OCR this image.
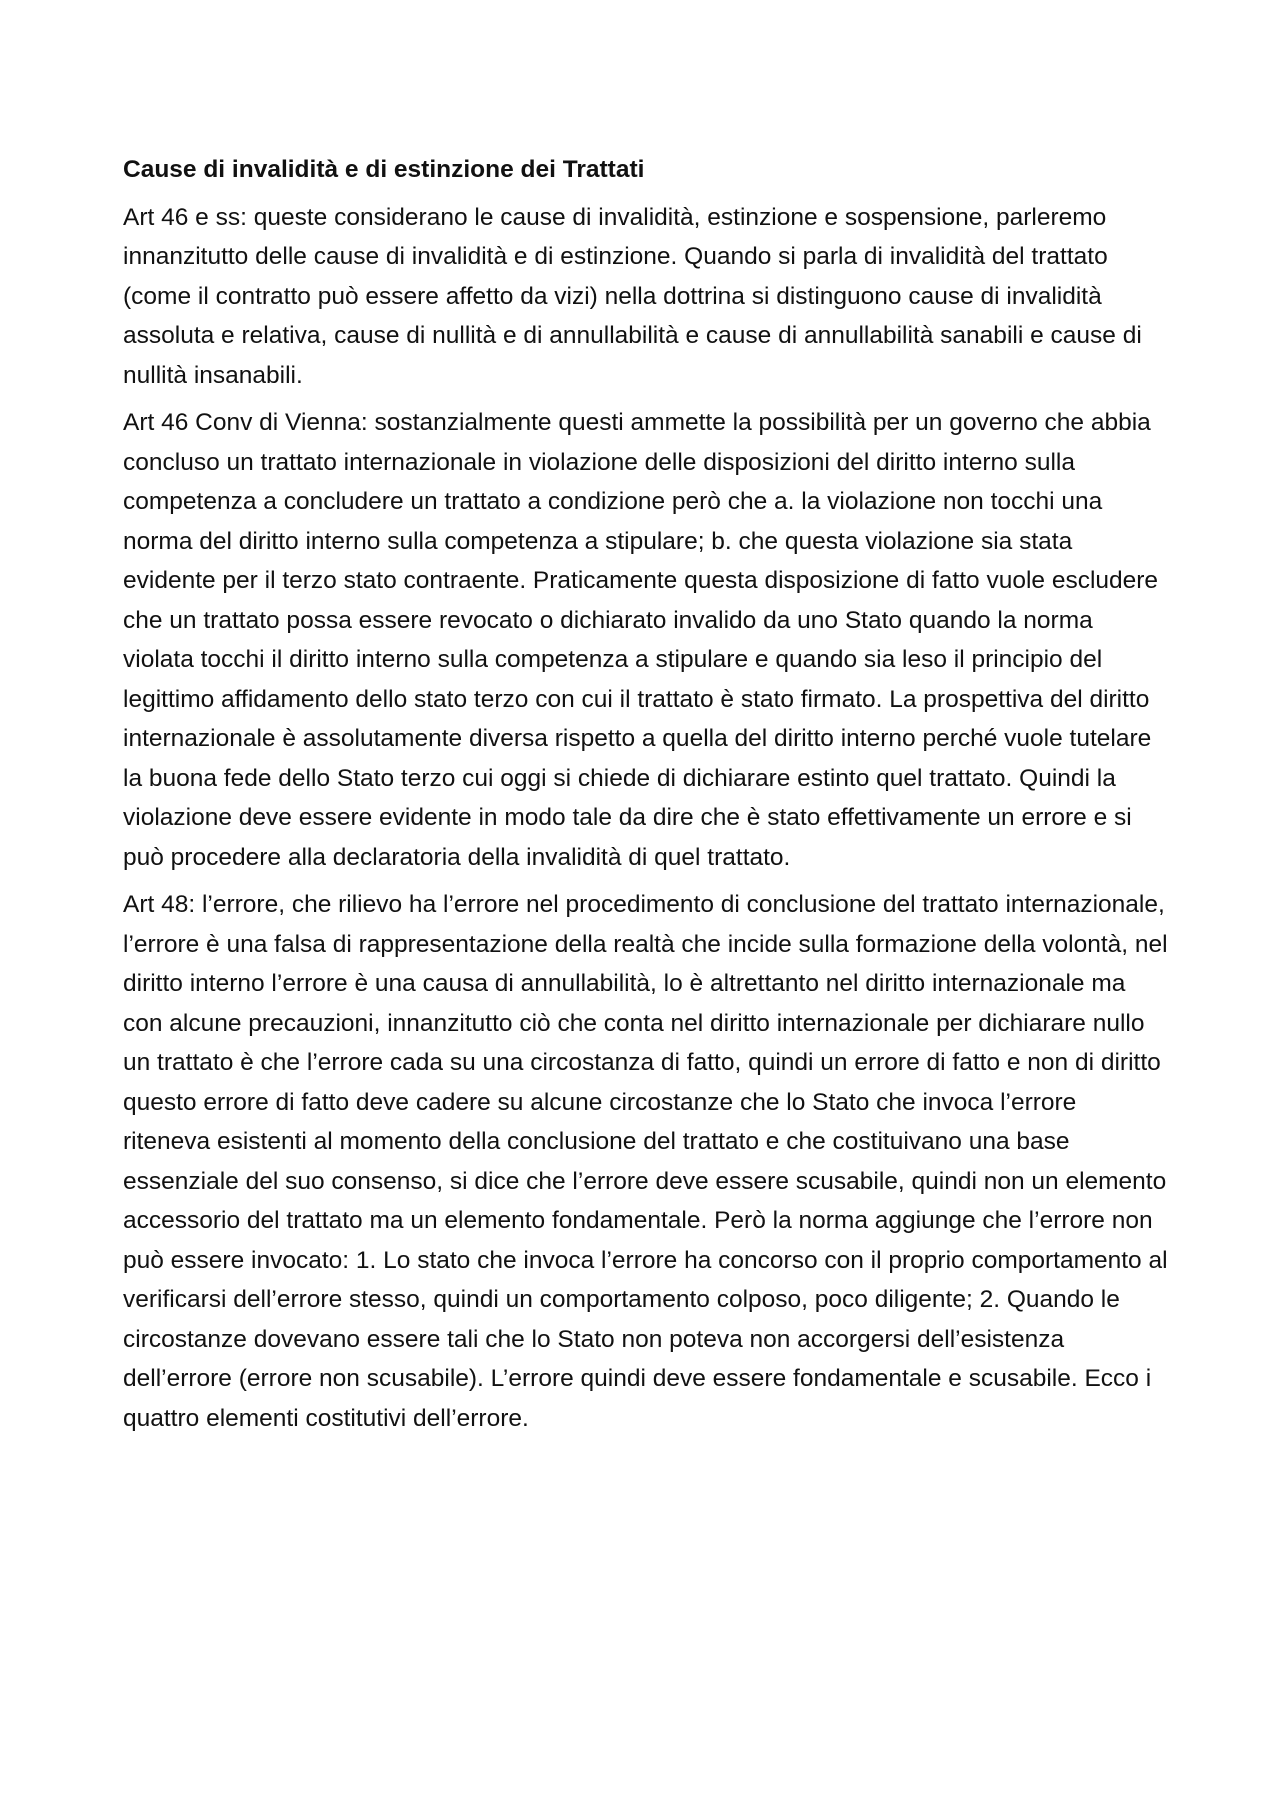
Cause di invalidità e di estinzione dei Trattati

Art 46 e ss: queste considerano le cause di invalidità, estinzione e sospensione, parleremo innanzitutto delle cause di invalidità e di estinzione. Quando si parla di invalidità del trattato (come il contratto può essere affetto da vizi) nella dottrina si distinguono cause di invalidità assoluta e relativa, cause di nullità e di annullabilità e cause di annullabilità sanabili e cause di nullità insanabili.

Art 46 Conv di Vienna: sostanzialmente questi ammette la possibilità per un governo che abbia concluso un trattato internazionale in violazione delle disposizioni del diritto interno sulla competenza a concludere un trattato a condizione però che a. la violazione non tocchi una norma del diritto interno sulla competenza a stipulare; b. che questa violazione sia stata evidente per il terzo stato contraente. Praticamente questa disposizione di fatto vuole escludere che un trattato possa essere revocato o dichiarato invalido da uno Stato quando la norma violata tocchi il diritto interno sulla competenza a stipulare e quando sia leso il principio del legittimo affidamento dello stato terzo con cui il trattato è stato firmato. La prospettiva del diritto internazionale è assolutamente diversa rispetto a quella del diritto interno perché vuole tutelare la buona fede dello Stato terzo cui oggi si chiede di dichiarare estinto quel trattato. Quindi la violazione deve essere evidente in modo tale da dire che è stato effettivamente un errore e si può procedere alla declaratoria della invalidità di quel trattato.

Art 48: l’errore, che rilievo ha l’errore nel procedimento di conclusione del trattato internazionale, l’errore è una falsa di rappresentazione della realtà che incide sulla formazione della volontà, nel diritto interno l’errore è una causa di annullabilità, lo è altrettanto nel diritto internazionale ma con alcune precauzioni, innanzitutto ciò che conta nel diritto internazionale per dichiarare nullo un trattato è che l’errore cada su una circostanza di fatto, quindi un errore di fatto e non di diritto questo errore di fatto deve cadere su alcune circostanze che lo Stato che invoca l’errore riteneva esistenti al momento della conclusione del trattato e che costituivano una base essenziale del suo consenso, si dice che l’errore deve essere scusabile, quindi non un elemento accessorio del trattato ma un elemento fondamentale. Però la norma aggiunge che l’errore non può essere invocato: 1. Lo stato che invoca l’errore ha concorso con il proprio comportamento al verificarsi dell’errore stesso, quindi un comportamento colposo, poco diligente; 2. Quando le circostanze dovevano essere tali che lo Stato non poteva non accorgersi dell’esistenza dell’errore (errore non scusabile). L’errore quindi deve essere fondamentale e scusabile. Ecco i quattro elementi costitutivi dell’errore.
